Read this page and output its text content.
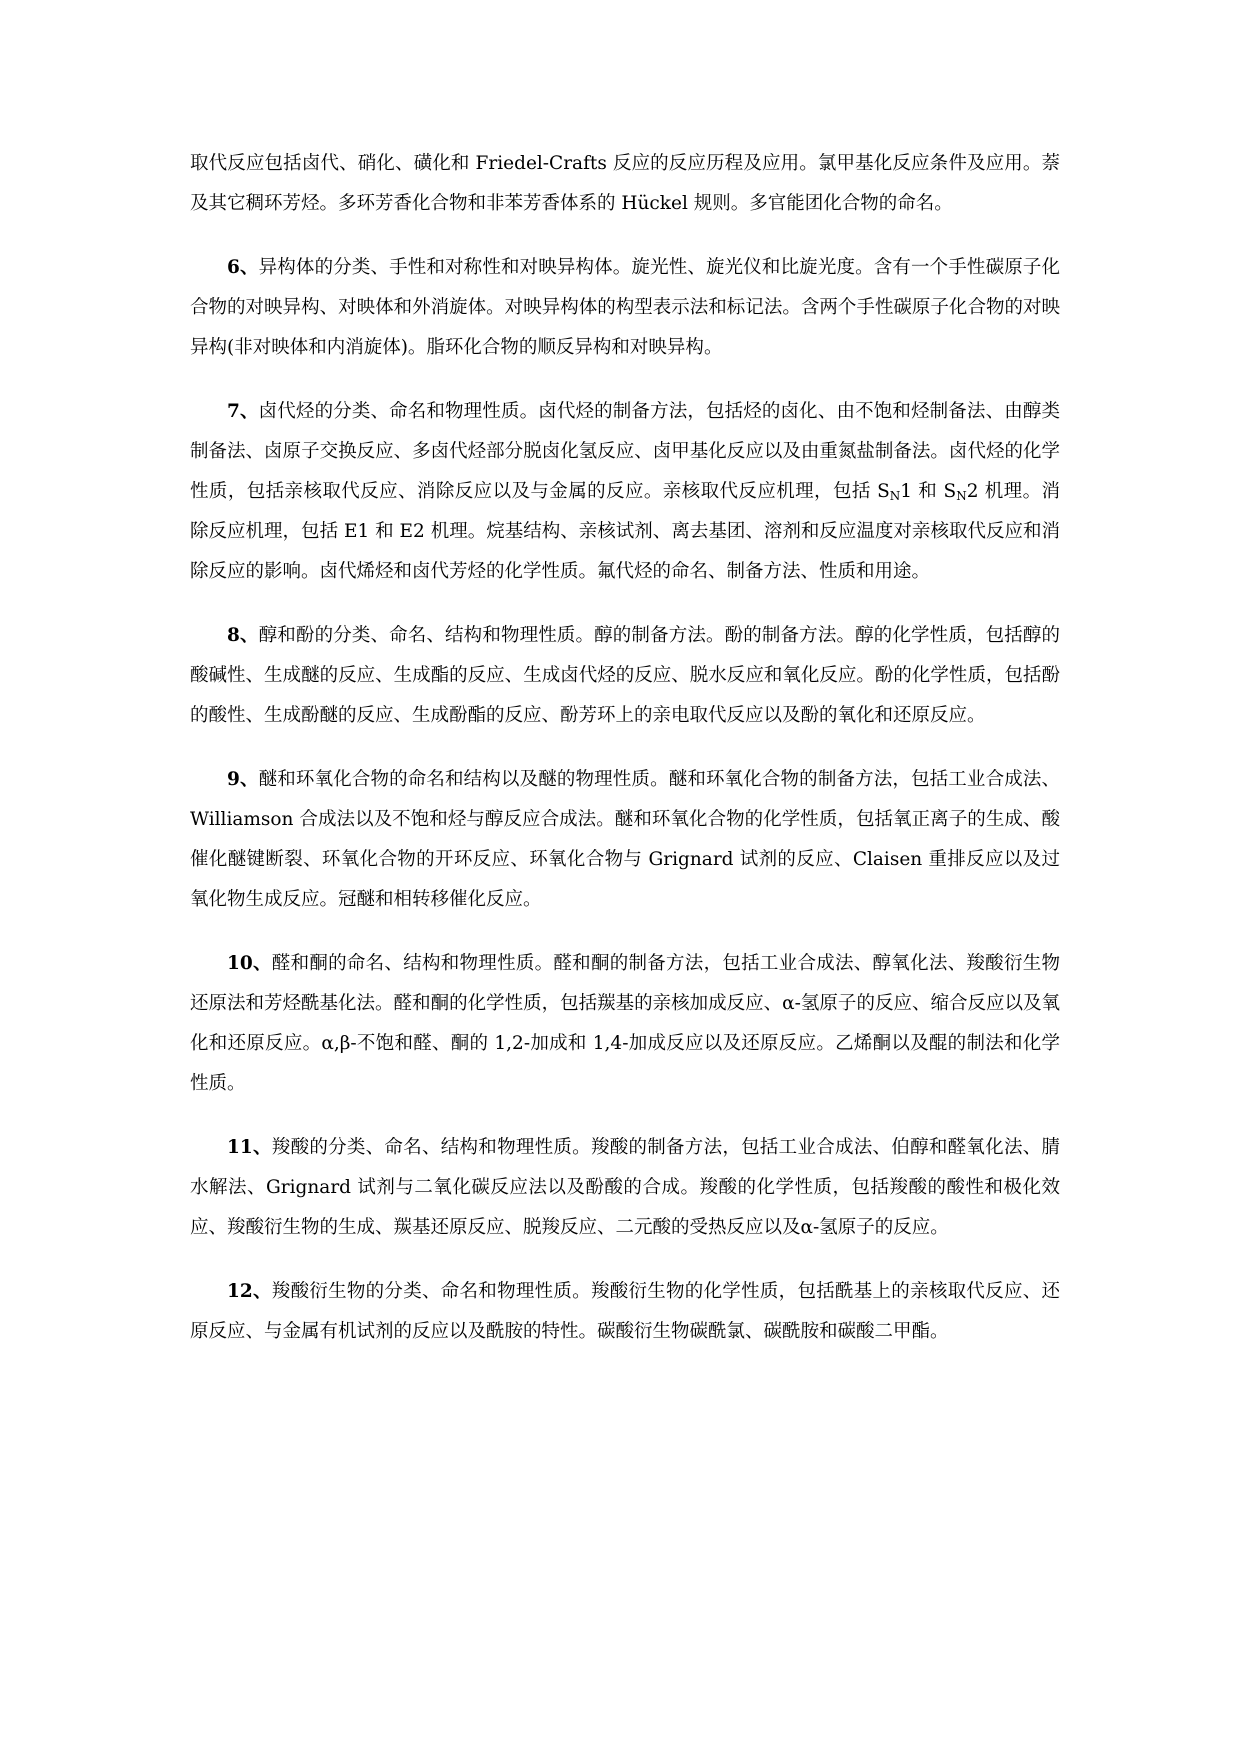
取代反应包括卤代、硝化、磺化和 Friedel-Crafts 反应的反应历程及应用。氯甲基化反应条件及应用。萘及其它稠环芳烃。多环芳香化合物和非苯芳香体系的 Hückel 规则。多官能团化合物的命名。

6、异构体的分类、手性和对称性和对映异构体。旋光性、旋光仪和比旋光度。含有一个手性碳原子化合物的对映异构、对映体和外消旋体。对映异构体的构型表示法和标记法。含两个手性碳原子化合物的对映异构(非对映体和内消旋体)。脂环化合物的顺反异构和对映异构。

7、卤代烃的分类、命名和物理性质。卤代烃的制备方法，包括烃的卤化、由不饱和烃制备法、由醇类制备法、卤原子交换反应、多卤代烃部分脱卤化氢反应、卤甲基化反应以及由重氮盐制备法。卤代烃的化学性质，包括亲核取代反应、消除反应以及与金属的反应。亲核取代反应机理，包括 $S_N1$ 和 $S_N2$ 机理。消除反应机理，包括 E1 和 E2 机理。烷基结构、亲核试剂、离去基团、溶剂和反应温度对亲核取代反应和消除反应的影响。卤代烯烃和卤代芳烃的化学性质。氟代烃的命名、制备方法、性质和用途。

8、醇和酚的分类、命名、结构和物理性质。醇的制备方法。酚的制备方法。醇的化学性质，包括醇的酸碱性、生成醚的反应、生成酯的反应、生成卤代烃的反应、脱水反应和氧化反应。酚的化学性质，包括酚的酸性、生成酚醚的反应、生成酚酯的反应、酚芳环上的亲电取代反应以及酚的氧化和还原反应。

9、醚和环氧化合物的命名和结构以及醚的物理性质。醚和环氧化合物的制备方法，包括工业合成法、Williamson 合成法以及不饱和烃与醇反应合成法。醚和环氧化合物的化学性质，包括氧正离子的生成、酸催化醚键断裂、环氧化合物的开环反应、环氧化合物与 Grignard 试剂的反应、Claisen 重排反应以及过氧化物生成反应。冠醚和相转移催化反应。

10、醛和酮的命名、结构和物理性质。醛和酮的制备方法，包括工业合成法、醇氧化法、羧酸衍生物还原法和芳烃酰基化法。醛和酮的化学性质，包括羰基的亲核加成反应、α-氢原子的反应、缩合反应以及氧化和还原反应。α,β-不饱和醛、酮的 1,2-加成和 1,4-加成反应以及还原反应。乙烯酮以及醌的制法和化学性质。

11、羧酸的分类、命名、结构和物理性质。羧酸的制备方法，包括工业合成法、伯醇和醛氧化法、腈水解法、Grignard 试剂与二氧化碳反应法以及酚酸的合成。羧酸的化学性质，包括羧酸的酸性和极化效应、羧酸衍生物的生成、羰基还原反应、脱羧反应、二元酸的受热反应以及α-氢原子的反应。

12、羧酸衍生物的分类、命名和物理性质。羧酸衍生物的化学性质，包括酰基上的亲核取代反应、还原反应、与金属有机试剂的反应以及酰胺的特性。碳酸衍生物碳酰氯、碳酰胺和碳酸二甲酯。
